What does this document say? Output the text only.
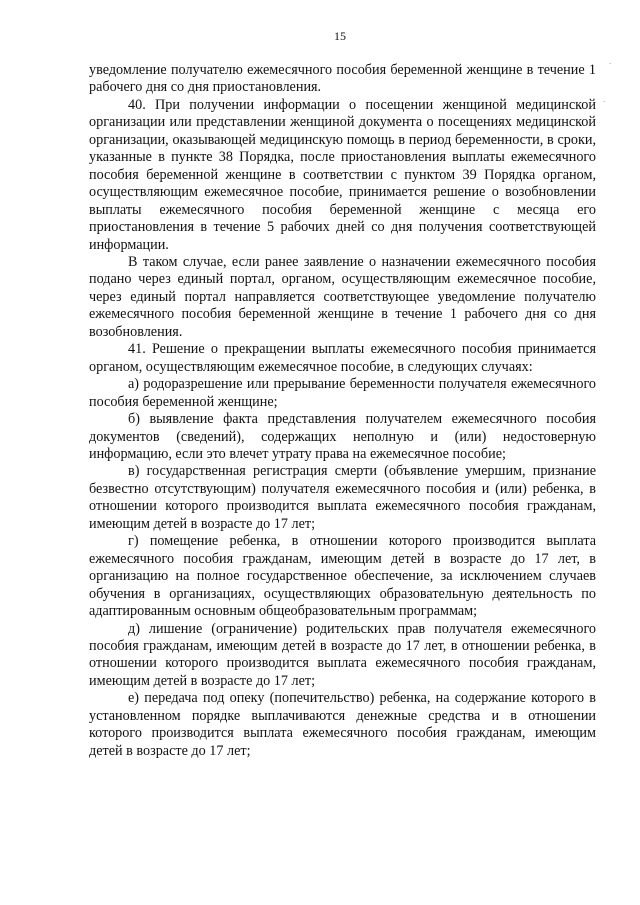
15

уведомление получателю ежемесячного пособия беременной женщине в течение 1 рабочего дня со дня приостановления.

40. При получении информации о посещении женщиной медицинской организации или представлении женщиной документа о посещениях медицинской организации, оказывающей медицинскую помощь в период беременности, в сроки, указанные в пункте 38 Порядка, после приостановления выплаты ежемесячного пособия беременной женщине в соответствии с пунктом 39 Порядка органом, осуществляющим ежемесячное пособие, принимается решение о возобновлении выплаты ежемесячного пособия беременной женщине с месяца его приостановления в течение 5 рабочих дней со дня получения соответствующей информации.

В таком случае, если ранее заявление о назначении ежемесячного пособия подано через единый портал, органом, осуществляющим ежемесячное пособие, через единый портал направляется соответствующее уведомление получателю ежемесячного пособия беременной женщине в течение 1 рабочего дня со дня возобновления.

41. Решение о прекращении выплаты ежемесячного пособия принимается органом, осуществляющим ежемесячное пособие, в следующих случаях:

а) родоразрешение или прерывание беременности получателя ежемесячного пособия беременной женщине;

б) выявление факта представления получателем ежемесячного пособия документов (сведений), содержащих неполную и (или) недостоверную информацию, если это влечет утрату права на ежемесячное пособие;

в) государственная регистрация смерти (объявление умершим, признание безвестно отсутствующим) получателя ежемесячного пособия и (или) ребенка, в отношении которого производится выплата ежемесячного пособия гражданам, имеющим детей в возрасте до 17 лет;

г) помещение ребенка, в отношении которого производится выплата ежемесячного пособия гражданам, имеющим детей в возрасте до 17 лет, в организацию на полное государственное обеспечение, за исключением случаев обучения в организациях, осуществляющих образовательную деятельность по адаптированным основным общеобразовательным программам;

д) лишение (ограничение) родительских прав получателя ежемесячного пособия гражданам, имеющим детей в возрасте до 17 лет, в отношении ребенка, в отношении которого производится выплата ежемесячного пособия гражданам, имеющим детей в возрасте до 17 лет;

е) передача под опеку (попечительство) ребенка, на содержание которого в установленном порядке выплачиваются денежные средства и в отношении которого производится выплата ежемесячного пособия гражданам, имеющим детей в возрасте до 17 лет;

´
·
